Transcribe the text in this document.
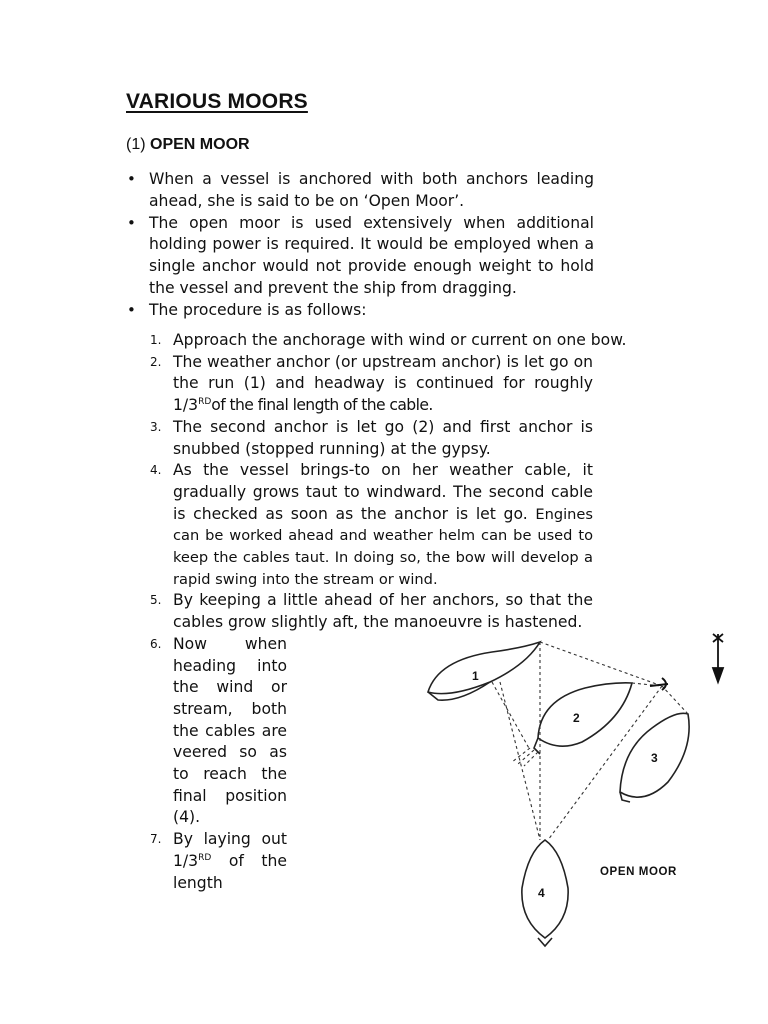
VARIOUS MOORS

(1) OPEN MOOR

• When a vessel is anchored with both anchors leading ahead, she is said to be on ‘Open Moor’.
• The open moor is used extensively when additional holding power is required. It would be employed when a single anchor would not provide enough weight to hold the vessel and prevent the ship from dragging.
• The procedure is as follows:
1. Approach the anchorage with wind or current on one bow.
2. The weather anchor (or upstream anchor) is let go on the run (1) and headway is continued for roughly 1/3RDof the final length of the cable.
3. The second anchor is let go (2) and first anchor is snubbed (stopped running) at the gypsy.
4. As the vessel brings-to on her weather cable, it gradually grows taut to windward. The second cable is checked as soon as the anchor is let go. Engines can be worked ahead and weather helm can be used to keep the cables taut. In doing so, the bow will develop a rapid swing into the stream or wind.
5. By keeping a little ahead of her anchors, so that the cables grow slightly aft, the manoeuvre is hastened.
6. Now when heading into the wind or stream, both the cables are veered so as to reach the final position (4).
7. By laying out 1/3RD of the length
1
2
3
4

OPEN MOOR
